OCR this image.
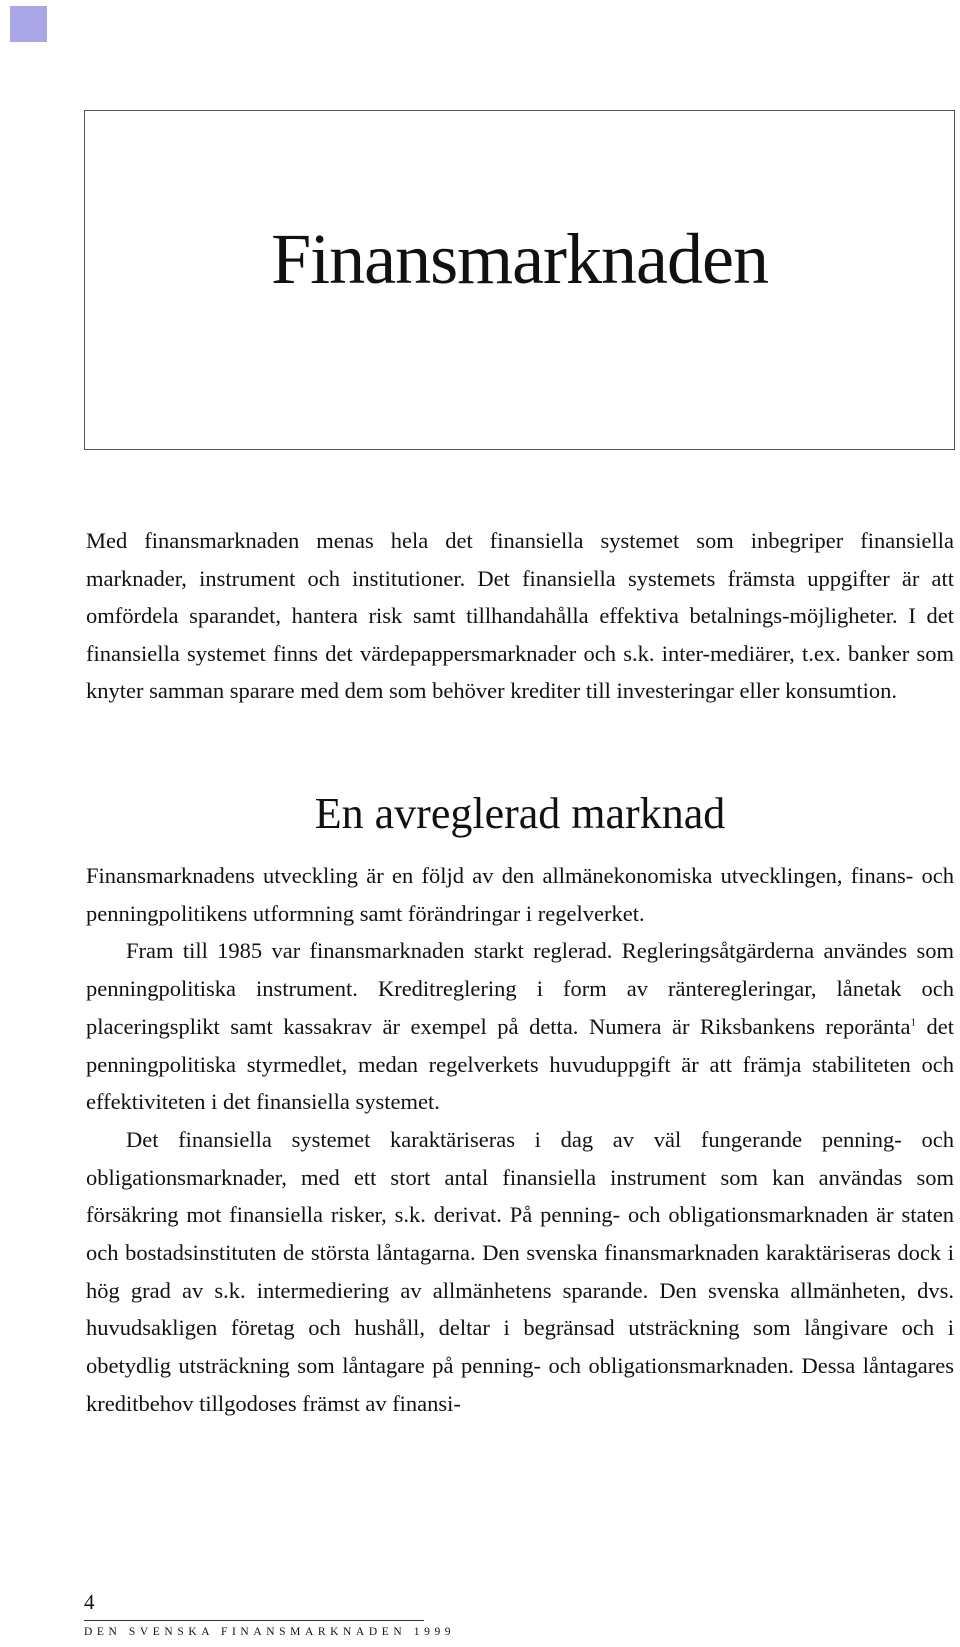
Finansmarknaden

Med finansmarknaden menas hela det finansiella systemet som inbegriper finansiella marknader, instrument och institutioner. Det finansiella systemets främsta uppgifter är att omfördela sparandet, hantera risk samt tillhandahålla effektiva betalnings-möjligheter. I det finansiella systemet finns det värdepappersmarknader och s.k. inter-mediärer, t.ex. banker som knyter samman sparare med dem som behöver krediter till investeringar eller konsumtion.

En avreglerad marknad

Finansmarknadens utveckling är en följd av den allmänekonomiska utvecklingen, finans- och penningpolitikens utformning samt förändringar i regelverket.

Fram till 1985 var finansmarknaden starkt reglerad. Regleringsåtgärderna användes som penningpolitiska instrument. Kreditreglering i form av ränteregleringar, lånetak och placeringsplikt samt kassakrav är exempel på detta. Numera är Riksbankens reporänta$^1$ det penningpolitiska styrmedlet, medan regelverkets huvuduppgift är att främja stabiliteten och effektiviteten i det finansiella systemet.

Det finansiella systemet karaktäriseras i dag av väl fungerande penning- och obligationsmarknader, med ett stort antal finansiella instrument som kan användas som försäkring mot finansiella risker, s.k. derivat. På penning- och obligationsmarknaden är staten och bostadsinstituten de största låntagarna. Den svenska finansmarknaden karaktäriseras dock i hög grad av s.k. intermediering av allmänhetens sparande. Den svenska allmänheten, dvs. huvudsakligen företag och hushåll, deltar i begränsad utsträckning som långivare och i obetydlig utsträckning som låntagare på penning- och obligationsmarknaden. Dessa låntagares kreditbehov tillgodoses främst av finansi-

4
DEN SVENSKA FINANSMARKNADEN 1999
